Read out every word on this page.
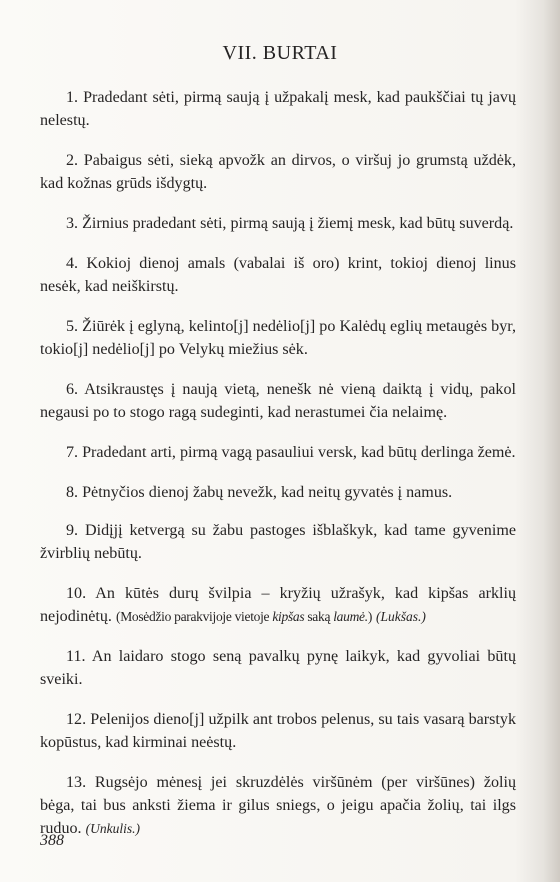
VII. BURTAI

1. Pradedant sėti, pirmą saują į užpakalį mesk, kad paukščiai tų javų nelestų.

2. Pabaigus sėti, sieką apvožk an dirvos, o viršuj jo grumstą uždėk, kad kožnas grūds išdygtų.

3. Žirnius pradedant sėti, pirmą saują į žiemį mesk, kad būtų suverdą.

4. Kokioj dienoj amals (vabalai iš oro) krint, tokioj dienoj linus nesėk, kad neiškirstų.

5. Žiūrėk į eglyną, kelinto[j] nedėlio[j] po Kalėdų eglių metaugės byr, tokio[j] nedėlio[j] po Velykų miežius sėk.

6. Atsikraustęs į naują vietą, nenešk nė vieną daiktą į vidų, pakol negausi po to stogo ragą sudeginti, kad nerastumei čia nelaimę.

7. Pradedant arti, pirmą vagą pasauliui versk, kad būtų derlinga žemė.

8. Pėtnyčios dienoj žabų nevežk, kad neitų gyvatės į namus.

9. Didįjį ketvergą su žabu pastoges išblaškyk, kad tame gyvenime žvirblių nebūtų.

10. An kūtės durų švilpia – kryžių užrašyk, kad kipšas arklių nejodinėtų. (Mosėdžio parakvijoje vietoje kipšas saką laumė.) (Lukšas.)

11. An laidaro stogo seną pavalkų pynę laikyk, kad gyvoliai būtų sveiki.

12. Pelenijos dieno[j] užpilk ant trobos pelenus, su tais vasarą barstyk kopūstus, kad kirminai neėstų.

13. Rugsėjo mėnesį jei skruzdėlės viršūnėm (per viršūnes) žolių bėga, tai bus anksti žiema ir gilus sniegs, o jeigu apačia žolių, tai ilgs ruduo. (Unkulis.)

388
